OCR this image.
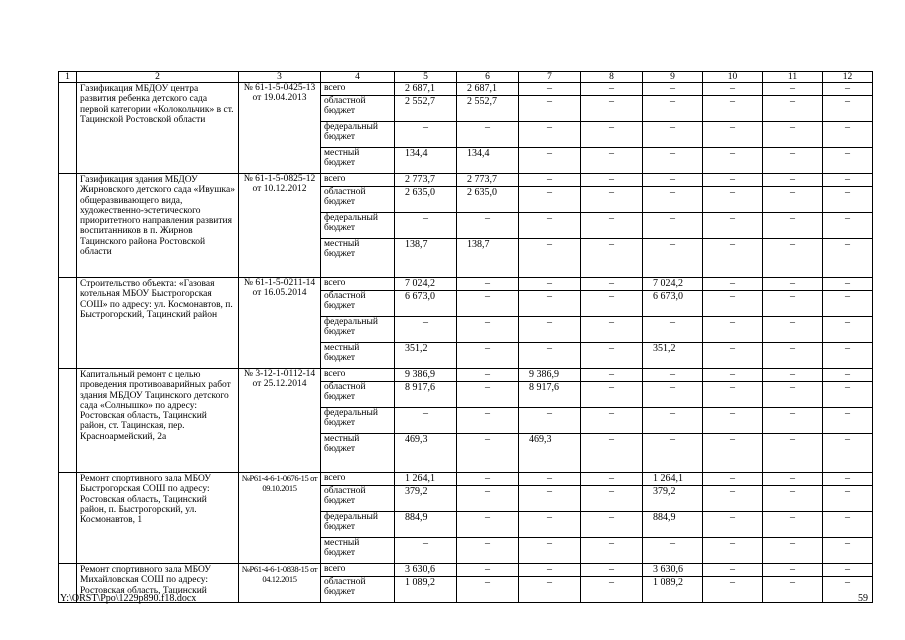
1	2	3	4	5	6	7	8	9	10	11	12
	Газификация МБДОУ центра развития ребенка детского сада первой категории «Колокольчик» в ст. Тацинской Ростовской области	№ 61-1-5-0425-13 от 19.04.2013	всего	2 687,1	2 687,1	–	–	–	–	–	–
			областной бюджет	2 552,7	2 552,7	–	–	–	–	–	–
			федеральный бюджет	–	–	–	–	–	–	–	–
			местный бюджет	134,4	134,4	–	–	–	–	–	–
	Газификация здания МБДОУ Жирновского детского сада «Ивушка» общеразвивающего вида, художественно-эстетического приоритетного направления развития воспитанников в п. Жирнов Тацинского района Ростовской области	№ 61-1-5-0825-12 от 10.12.2012	всего	2 773,7	2 773,7	–	–	–	–	–	–
			областной бюджет	2 635,0	2 635,0	–	–	–	–	–	–
			федеральный бюджет	–	–	–	–	–	–	–	–
			местный бюджет	138,7	138,7	–	–	–	–	–	–
	Строительство объекта: «Газовая котельная МБОУ Быстрогорская СОШ» по адресу: ул. Космонавтов, п. Быстрогорский, Тацинский район	№ 61-1-5-0211-14 от 16.05.2014	всего	7 024,2	–	–	–	7 024,2	–	–	–
			областной бюджет	6 673,0	–	–	–	6 673,0	–	–	–
			федеральный бюджет	–	–	–	–	–	–	–	–
			местный бюджет	351,2	–	–	–	351,2	–	–	–
	Капитальный ремонт с целью проведения противоаварийных работ здания МБДОУ Тацинского детского сада «Солнышко» по адресу: Ростовская область, Тацинский район, ст. Тацинская, пер. Красноармейский, 2а	№ 3-12-1-0112-14 от 25.12.2014	всего	9 386,9	–	9 386,9	–	–	–	–	–
			областной бюджет	8 917,6	–	8 917,6	–	–	–	–	–
			федеральный бюджет	–	–	–	–	–	–	–	–
			местный бюджет	469,3	–	469,3	–	–	–	–	–
	Ремонт спортивного зала МБОУ Быстрогорская СОШ по адресу: Ростовская область, Тацинский район, п. Быстрогорский, ул. Космонавтов, 1	№Р61-4-6-1-0676-15 от 09.10.2015	всего	1 264,1	–	–	–	1 264,1	–	–	–
			областной бюджет	379,2	–	–	–	379,2	–	–	–
			федеральный бюджет	884,9	–	–	–	884,9	–	–	–
			местный бюджет	–	–	–	–	–	–	–	–
	Ремонт спортивного зала МБОУ Михайловская СОШ по адресу: Ростовская область, Тацинский	№Р61-4-6-1-0838-15 от 04.12.2015	всего	3 630,6	–	–	–	3 630,6	–	–	–
			областной бюджет	1 089,2	–	–	–	1 089,2	–	–	–
Y:\ORST\Ppo\1229p890.f18.docx	59
